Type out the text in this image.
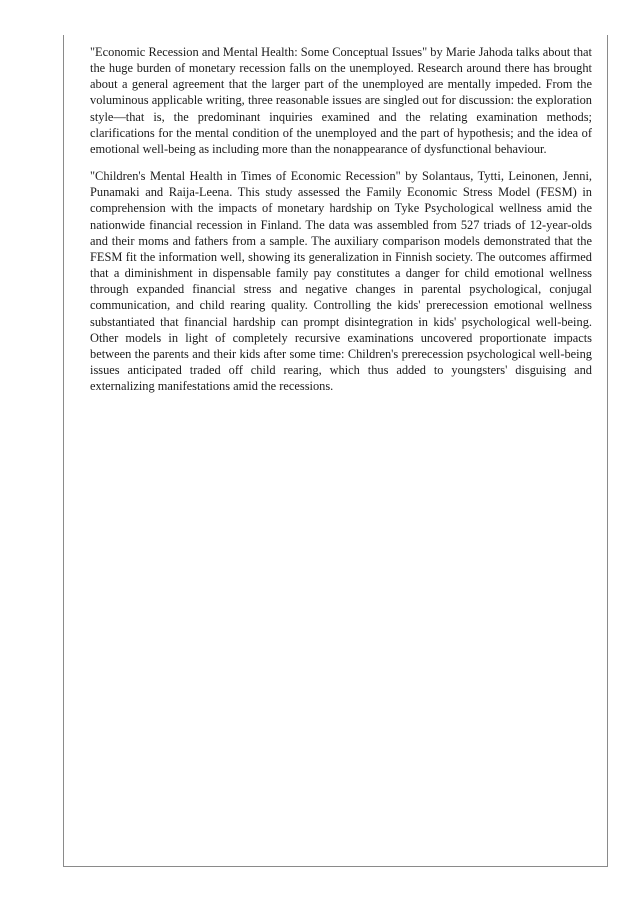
"Economic Recession and Mental Health: Some Conceptual Issues" by Marie Jahoda talks about that the huge burden of monetary recession falls on the unemployed. Research around there has brought about a general agreement that the larger part of the unemployed are mentally impeded. From the voluminous applicable writing, three reasonable issues are singled out for discussion: the exploration style—that is, the predominant inquiries examined and the relating examination methods; clarifications for the mental condition of the unemployed and the part of hypothesis; and the idea of emotional well-being as including more than the nonappearance of dysfunctional behaviour.

"Children's Mental Health in Times of Economic Recession" by Solantaus, Tytti, Leinonen, Jenni, Punamaki and Raija-Leena. This study assessed the Family Economic Stress Model (FESM) in comprehension with the impacts of monetary hardship on Tyke Psychological wellness amid the nationwide financial recession in Finland. The data was assembled from 527 triads of 12-year-olds and their moms and fathers from a sample. The auxiliary comparison models demonstrated that the FESM fit the information well, showing its generalization in Finnish society. The outcomes affirmed that a diminishment in dispensable family pay constitutes a danger for child emotional wellness through expanded financial stress and negative changes in parental psychological, conjugal communication, and child rearing quality. Controlling the kids' prerecession emotional wellness substantiated that financial hardship can prompt disintegration in kids' psychological well-being. Other models in light of completely recursive examinations uncovered proportionate impacts between the parents and their kids after some time: Children's prerecession psychological well-being issues anticipated traded off child rearing, which thus added to youngsters' disguising and externalizing manifestations amid the recessions.
